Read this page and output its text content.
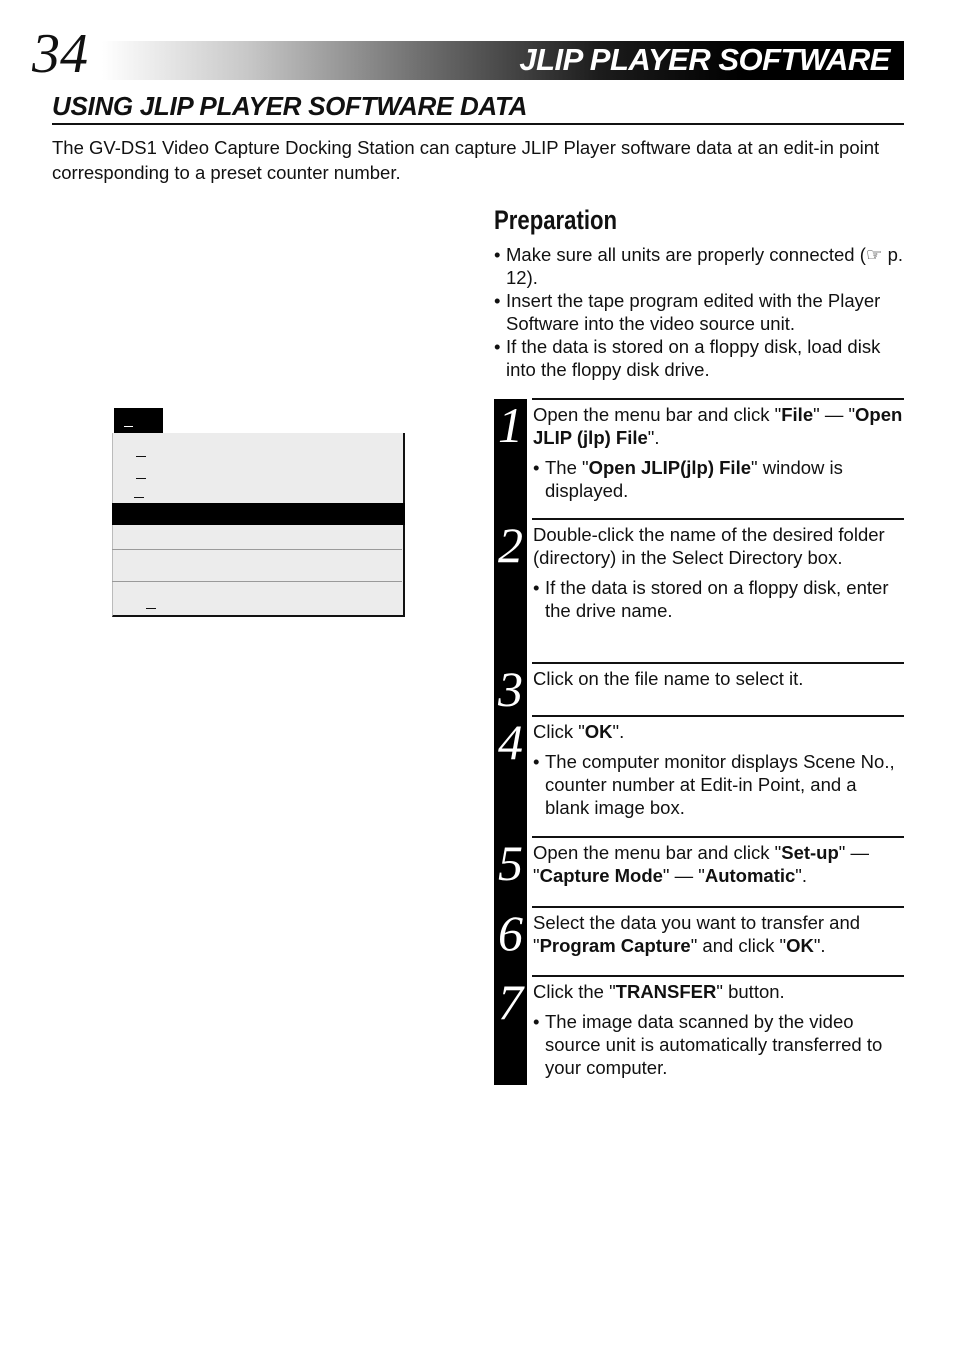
34	JLIP PLAYER SOFTWARE
USING JLIP PLAYER SOFTWARE DATA
The GV-DS1 Video Capture Docking Station can capture JLIP Player software data at an edit-in point corresponding to a preset counter number.
Preparation
• Make sure all units are properly connected (☞ p. 12).
• Insert the tape program edited with the Player Software into the video source unit.
• If the data is stored on a floppy disk, load disk into the floppy disk drive.
1 Open the menu bar and click "File" — "Open JLIP (jlp) File".

• The "Open JLIP(jlp) File" window is displayed.
2 Double-click the name of the desired folder (directory) in the Select Directory box.

• If the data is stored on a floppy disk, enter the drive name.
3 Click on the file name to select it.

4 Click "OK".

• The computer monitor displays Scene No., counter number at Edit-in Point, and a blank image box.
5 Open the menu bar and click "Set-up" — "Capture Mode" — "Automatic".

6 Select the data you want to transfer and "Program Capture" and click "OK".

7 Click the "TRANSFER" button.

• The image data scanned by the video source unit is automatically transferred to your computer.
